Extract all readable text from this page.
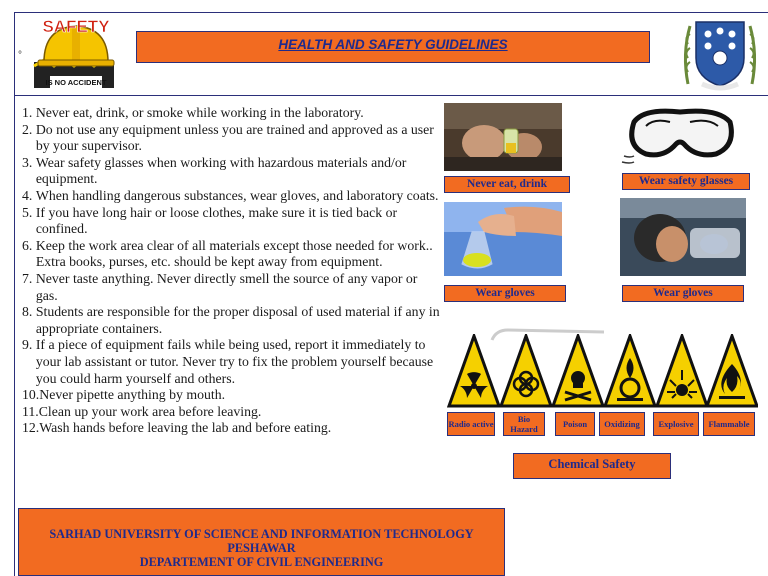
°
SAFETY
IS NO ACCIDENT
HEALTH AND SAFETY GUIDELINES
1.
Never eat, drink, or smoke while working in the laboratory.
2.
Do not use any equipment unless you are trained and approved as a user by your supervisor.
3.
Wear safety glasses when working with hazardous materials and/or equipment.
4.
When handling dangerous substances, wear gloves, and laboratory coats.
5.
If you have long hair or loose clothes, make sure it is tied back or confined.
6.
Keep the work area clear of all materials except those needed for work.. Extra books, purses, etc. should be kept away from equipment.
7.
Never taste anything. Never directly smell the source of any vapor or gas.
8.
Students are responsible for the proper disposal of used material if any in appropriate containers.
9.
If a piece of equipment fails while being used, report it immediately to your lab assistant or tutor. Never try to fix the problem yourself because you could harm yourself and others.
10. Never pipette anything by mouth.
11. Clean up your work area before leaving.
12. Wash hands before leaving the lab and before eating.
Never eat, drink	Wear safety glasses
Wear gloves	Wear gloves
Radio active	Bio Hazard	Poison	Oxidizing	Explosive	Flammable
Chemical Safety
SARHAD UNIVERSITY OF SCIENCE AND INFORMATION TECHNOLOGY
PESHAWAR
DEPARTEMENT OF CIVIL ENGINEERING
